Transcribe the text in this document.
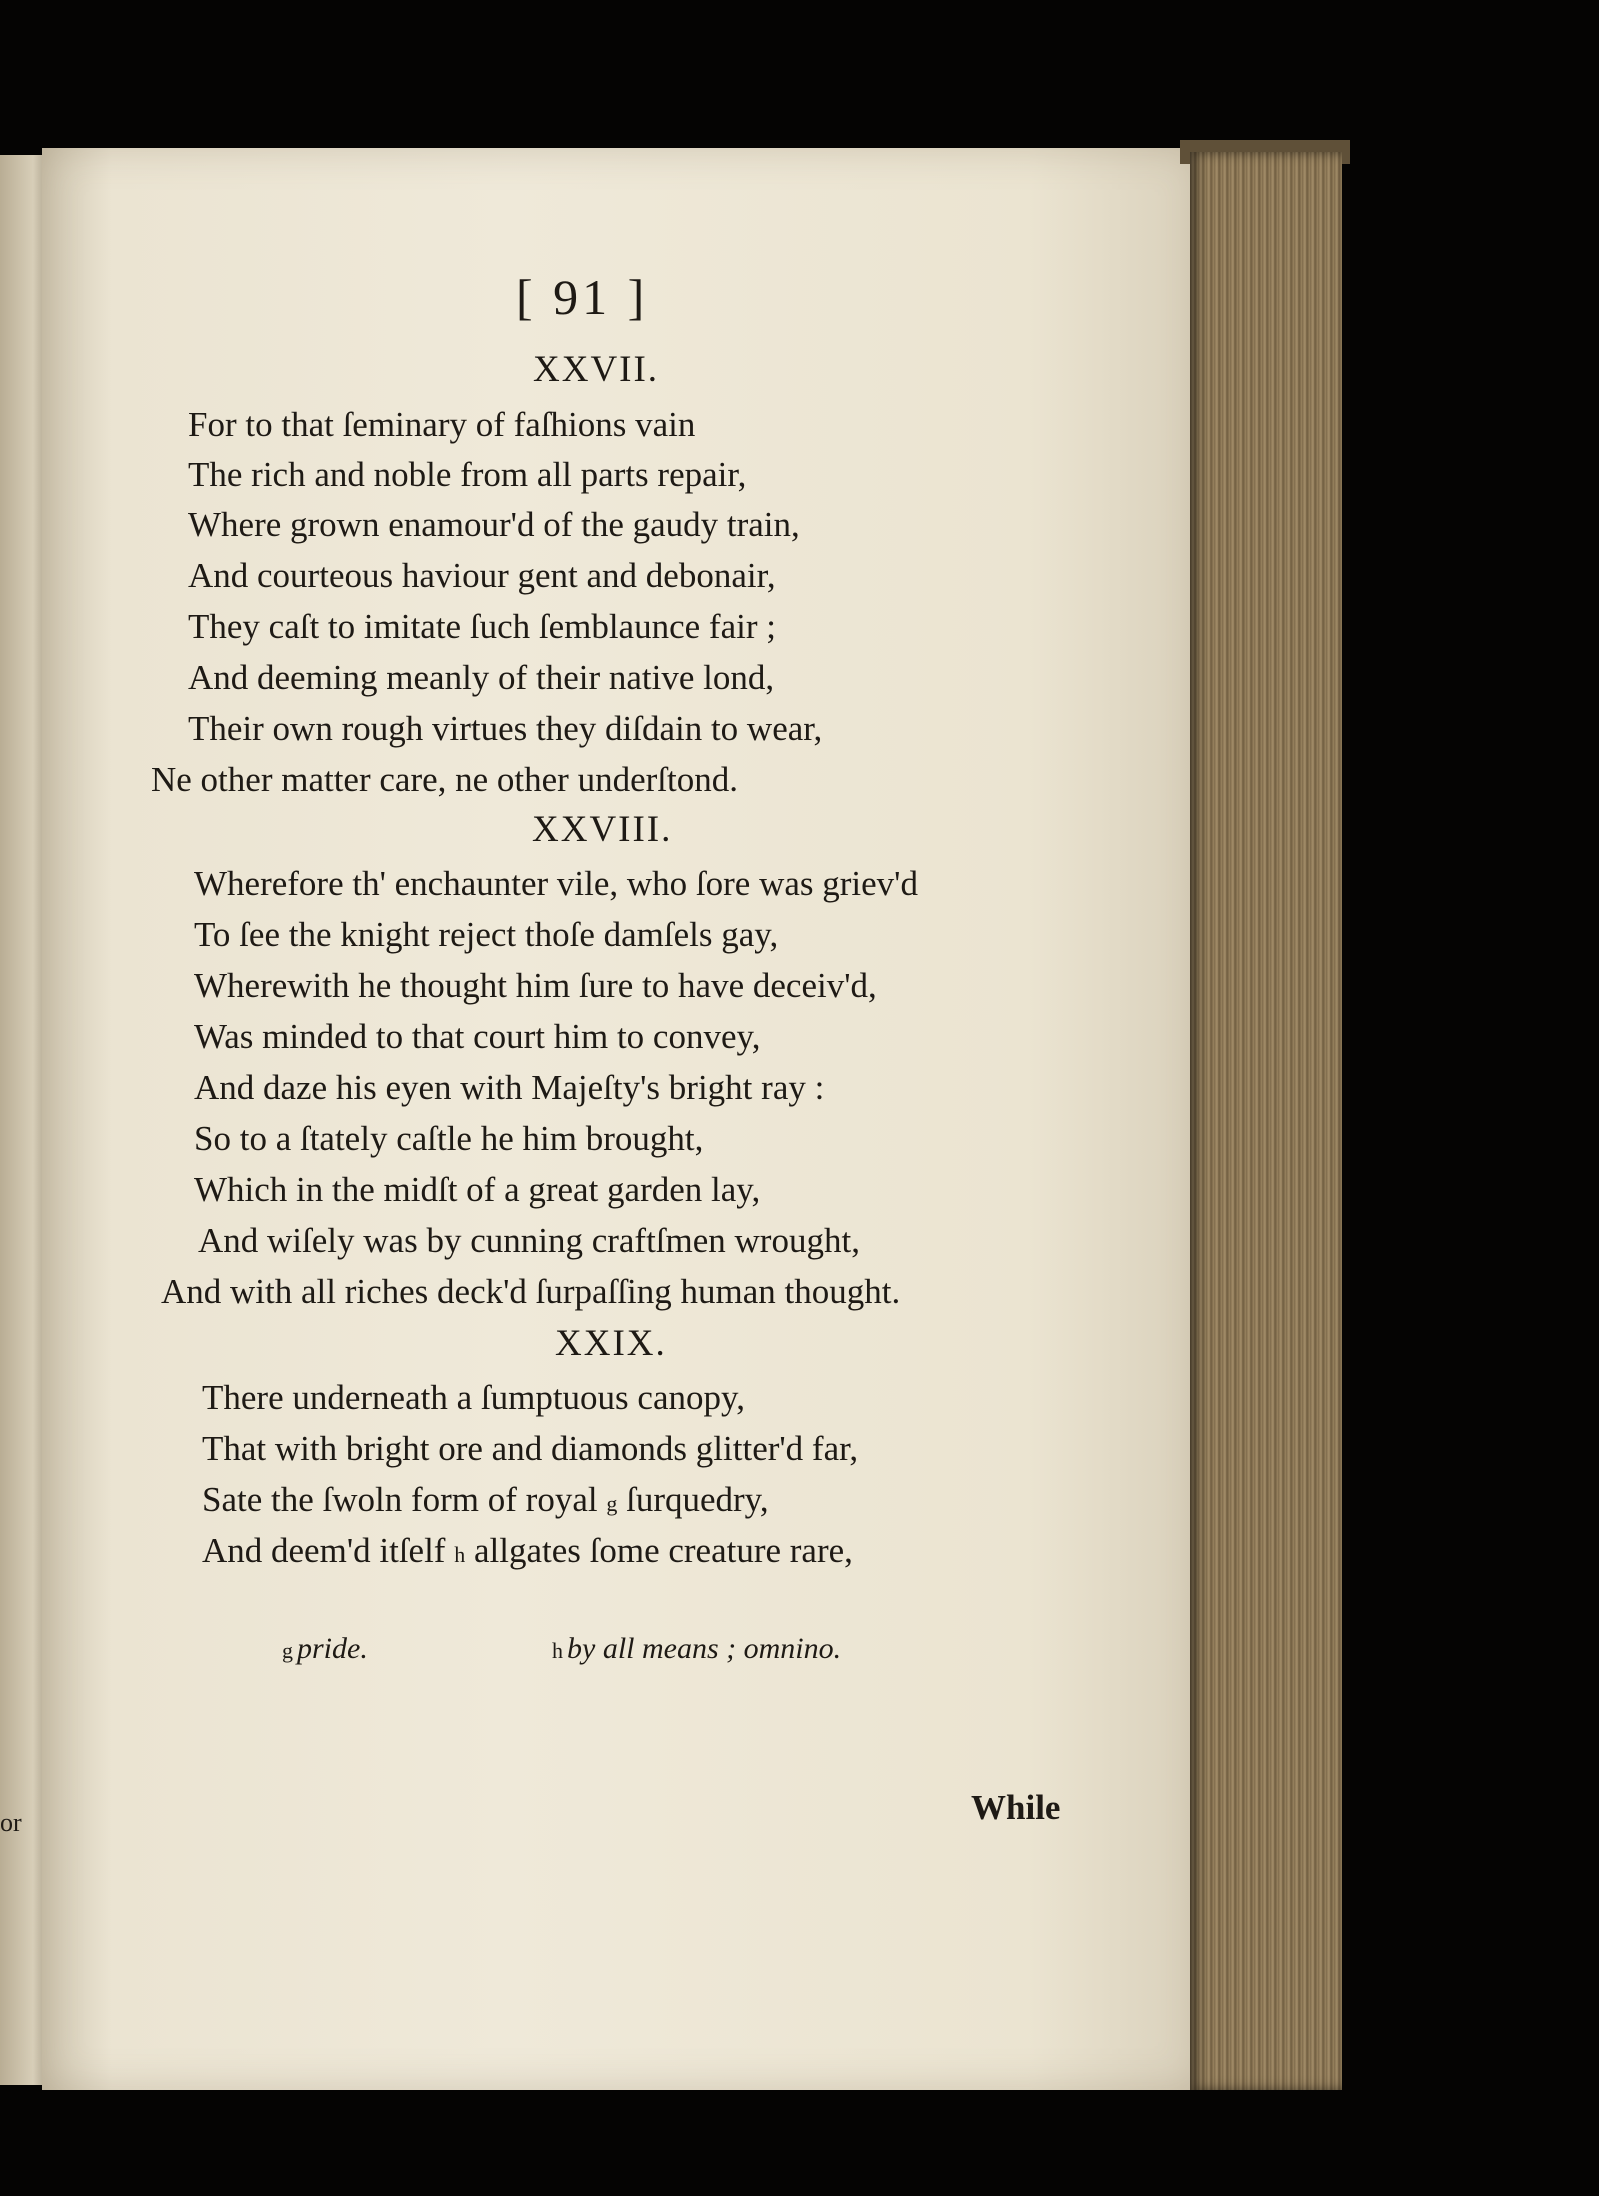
or
[ 91 ]
XXVII.
For to that ſeminary of faſhions vain
The rich and noble from all parts repair,
Where grown enamour'd of the gaudy train,
And courteous haviour gent and debonair,
They caſt to imitate ſuch ſemblaunce fair ;
And deeming meanly of their native lond,
Their own rough virtues they diſdain to wear,
Ne other matter care, ne other underſtond.
XXVIII.
Wherefore th' enchaunter vile, who ſore was griev'd
To ſee the knight reject thoſe damſels gay,
Wherewith he thought him ſure to have deceiv'd,
Was minded to that court him to convey,
And daze his eyen with Majeſty's bright ray :
So to a ſtately caſtle he him brought,
Which in the midſt of a great garden lay,
And wiſely was by cunning craftſmen wrought,
And with all riches deck'd ſurpaſſing human thought.
XXIX.
There underneath a ſumptuous canopy,
That with bright ore and diamonds glitter'd far,
Sate the ſwoln form of royal g ſurquedry,
And deem'd itſelf h allgates ſome creature rare,
g pride.	h by all means ; omnino.
While
